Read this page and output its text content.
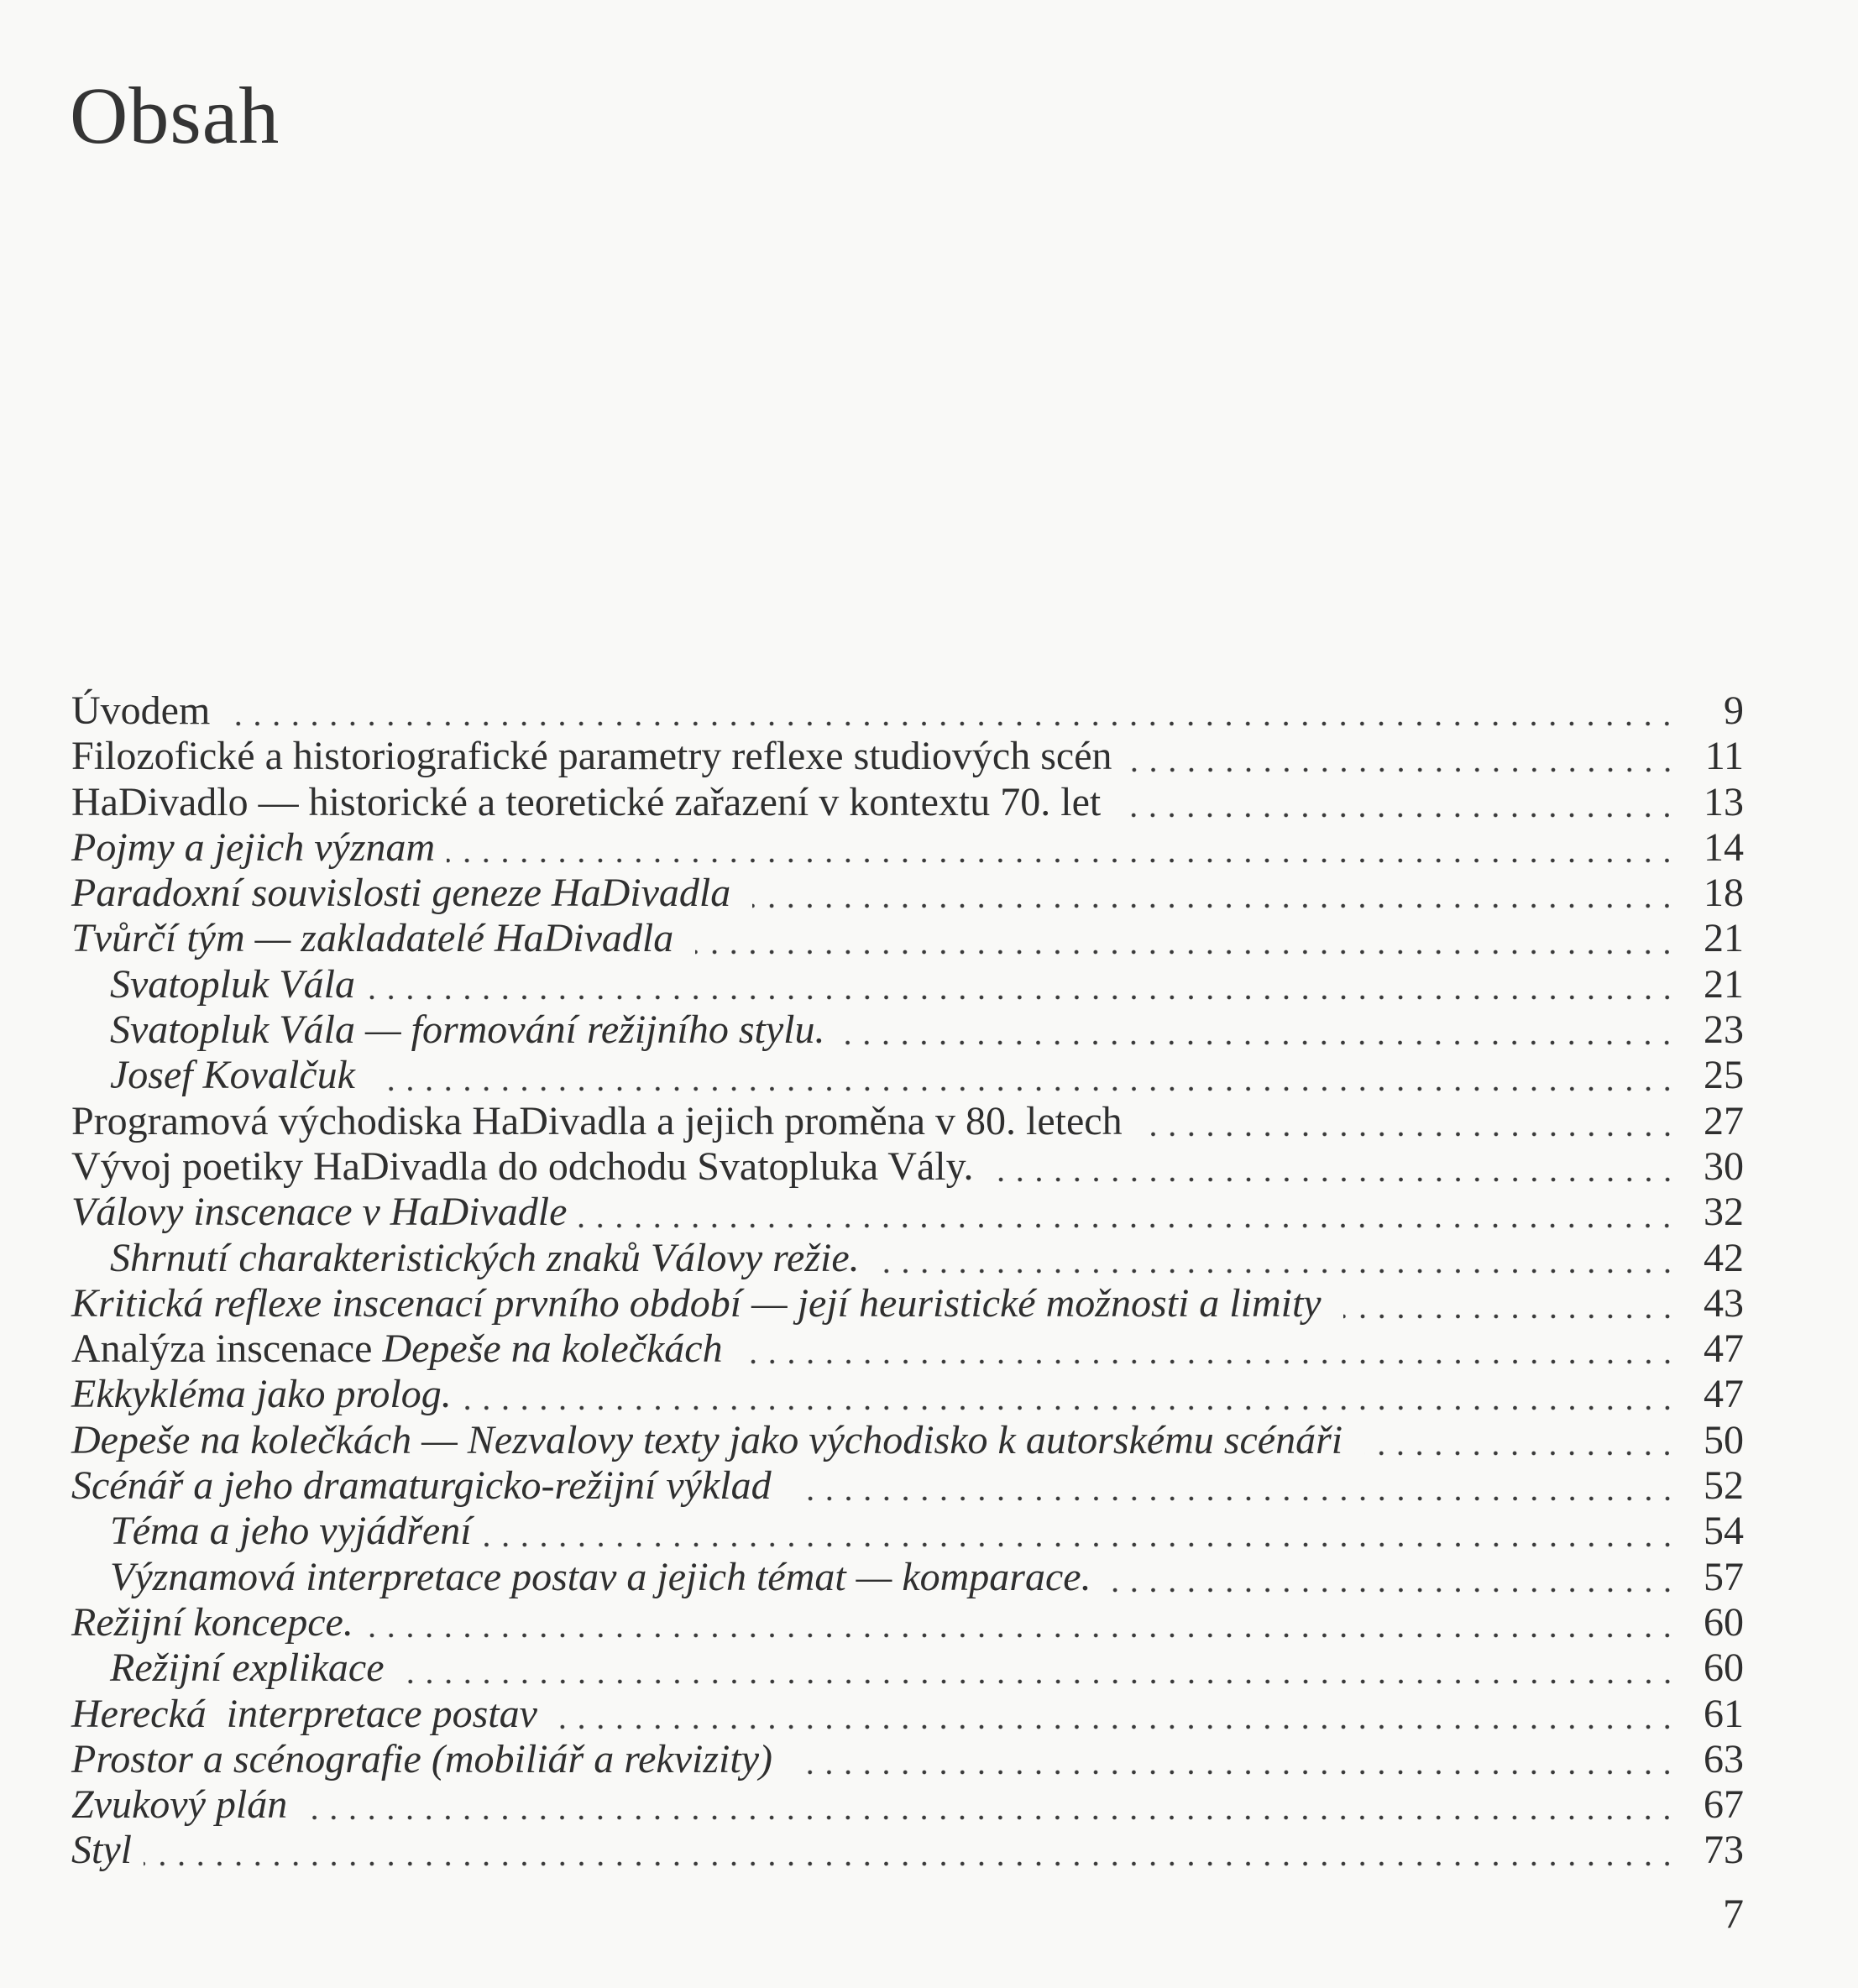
Obsah
Úvodem	9
Filozofické a historiografické parametry reflexe studiových scén	11
HaDivadlo — historické a teoretické zařazení v kontextu 70. let	13
Pojmy a jejich význam	14
Paradoxní souvislosti geneze HaDivadla	18
Tvůrčí tým — zakladatelé HaDivadla	21
Svatopluk Vála	21
Svatopluk Vála — formování režijního stylu.	23
Josef Kovalčuk	25
Programová východiska HaDivadla a jejich proměna v 80. letech	27
Vývoj poetiky HaDivadla do odchodu Svatopluka Vály.	30
Válovy inscenace v HaDivadle	32
Shrnutí charakteristických znaků Válovy režie.	42
Kritická reflexe inscenací prvního období — její heuristické možnosti a limity	43
Analýza inscenace Depeše na kolečkách	47
Ekkykléma jako prolog.	47
Depeše na kolečkách — Nezvalovy texty jako východisko k autorskému scénáři	50
Scénář a jeho dramaturgicko-režijní výklad	52
Téma a jeho vyjádření	54
Významová interpretace postav a jejich témat — komparace.	57
Režijní koncepce.	60
Režijní explikace	60
Herecká  interpretace postav	61
Prostor a scénografie (mobiliář a rekvizity)	63
Zvukový plán	67
Styl	73
7
